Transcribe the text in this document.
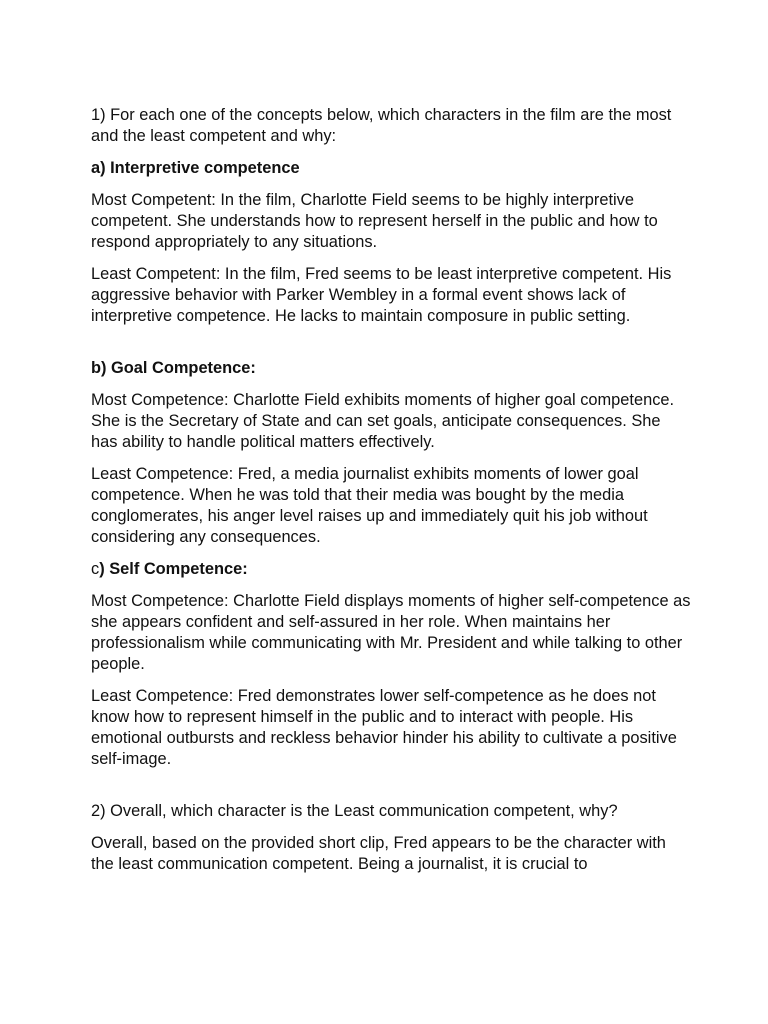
1) For each one of the concepts below, which characters in the film are the most and the least competent and why:

a) Interpretive competence

Most Competent: In the film, Charlotte Field seems to be highly interpretive competent. She understands how to represent herself in the public and how to respond appropriately to any situations.

Least Competent: In the film, Fred seems to be least interpretive competent. His aggressive behavior with Parker Wembley in a formal event shows lack of interpretive competence. He lacks to maintain composure in public setting.

b) Goal Competence:

Most Competence: Charlotte Field exhibits moments of higher goal competence. She is the Secretary of State and can set goals, anticipate consequences. She has ability to handle political matters effectively.

Least Competence: Fred, a media journalist exhibits moments of lower goal competence. When he was told that their media was bought by the media conglomerates, his anger level raises up and immediately quit his job without considering any consequences.

c) Self Competence:

Most Competence: Charlotte Field displays moments of higher self-competence as she appears confident and self-assured in her role. When maintains her professionalism while communicating with Mr. President and while talking to other people.

Least Competence: Fred demonstrates lower self-competence as he does not know how to represent himself in the public and to interact with people. His emotional outbursts and reckless behavior hinder his ability to cultivate a positive self-image.

2) Overall, which character is the Least communication competent, why?

Overall, based on the provided short clip, Fred appears to be the character with the least communication competent. Being a journalist, it is crucial to
